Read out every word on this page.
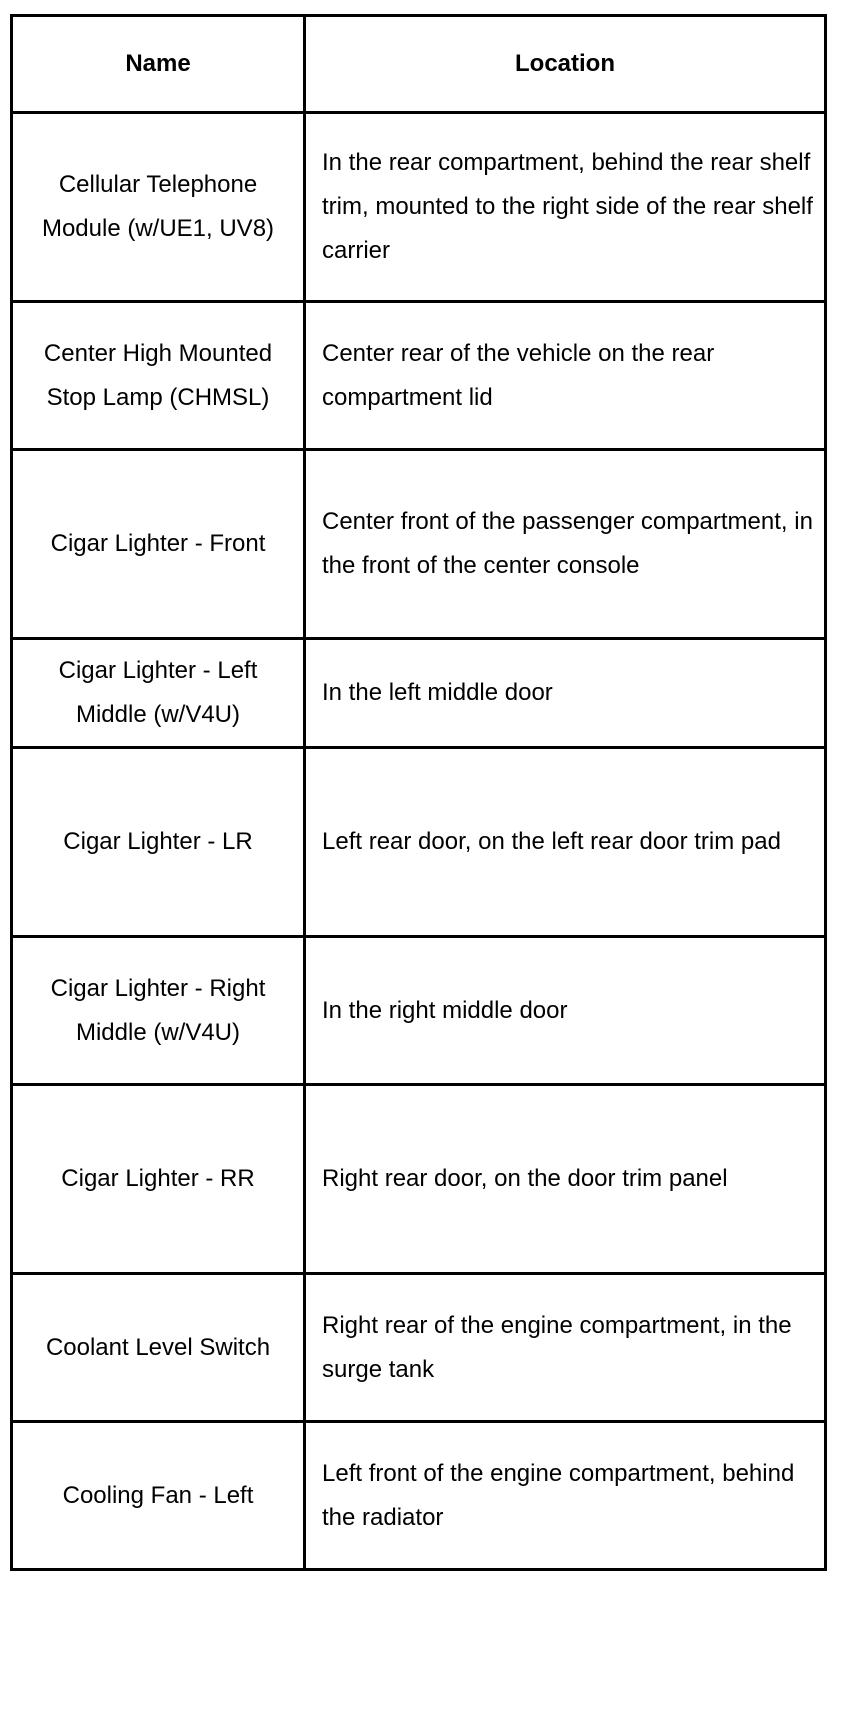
Name	Location

Cellular Telephone Module (w/UE1, UV8)	In the rear compartment, behind the rear shelf trim, mounted to the right side of the rear shelf carrier

Center High Mounted Stop Lamp (CHMSL)	Center rear of the vehicle on the rear compartment lid

Cigar Lighter - Front	Center front of the passenger compartment, in the front of the center console

Cigar Lighter - Left Middle (w/V4U)	In the left middle door

Cigar Lighter - LR	Left rear door, on the left rear door trim pad

Cigar Lighter - Right Middle (w/V4U)	In the right middle door

Cigar Lighter - RR	Right rear door, on the door trim panel

Coolant Level Switch	Right rear of the engine compartment, in the surge tank

Cooling Fan - Left	Left front of the engine compartment, behind the radiator
